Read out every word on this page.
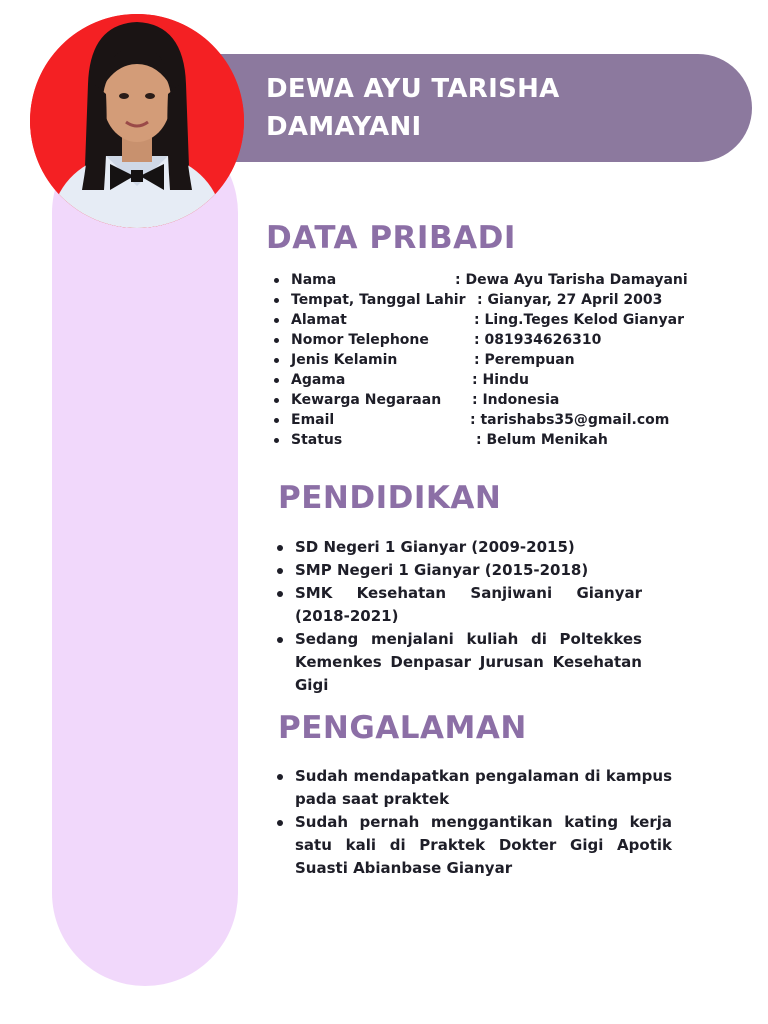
DEWA AYU TARISHA
DAMAYANI
DATA PRIBADI
Nama	: Dewa Ayu Tarisha Damayani
Tempat, Tanggal Lahir : Gianyar, 27 April 2003
Alamat	: Ling.Teges Kelod Gianyar
Nomor Telephone	: 081934626310
Jenis Kelamin	: Perempuan
Agama	: Hindu
Kewarga Negaraan : Indonesia
Email	: tarishabs35@gmail.com
Status	: Belum Menikah
PENDIDIKAN
SD Negeri 1 Gianyar (2009-2015)
SMP Negeri 1 Gianyar (2015-2018)
SMK Kesehatan Sanjiwani Gianyar (2018-2021)
Sedang menjalani kuliah di Poltekkes Kemenkes Denpasar Jurusan Kesehatan Gigi
PENGALAMAN
Sudah mendapatkan pengalaman di kampus pada saat praktek
Sudah pernah menggantikan kating kerja satu kali di Praktek Dokter Gigi Apotik Suasti Abianbase Gianyar
